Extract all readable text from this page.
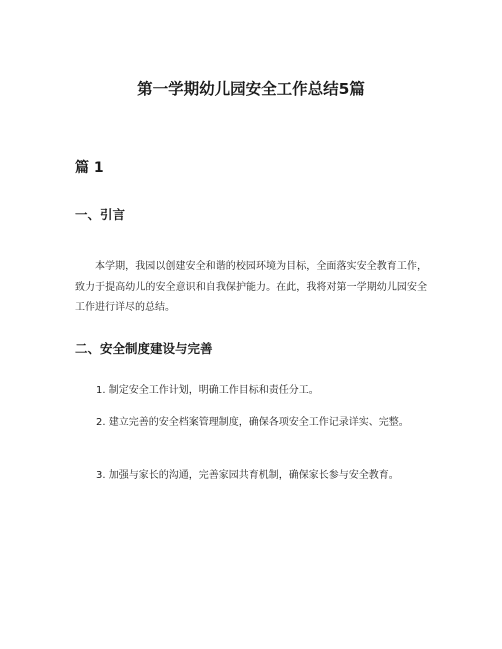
第一学期幼儿园安全工作总结5篇
篇 1
一、引言

本学期，我园以创建安全和谐的校园环境为目标，全面落实安全教育工作，致力于提高幼儿的安全意识和自我保护能力。在此，我将对第一学期幼儿园安全工作进行详尽的总结。

二、安全制度建设与完善

1. 制定安全工作计划，明确工作目标和责任分工。

2. 建立完善的安全档案管理制度，确保各项安全工作记录详实、完整。

3. 加强与家长的沟通，完善家园共育机制，确保家长参与安全教育。
